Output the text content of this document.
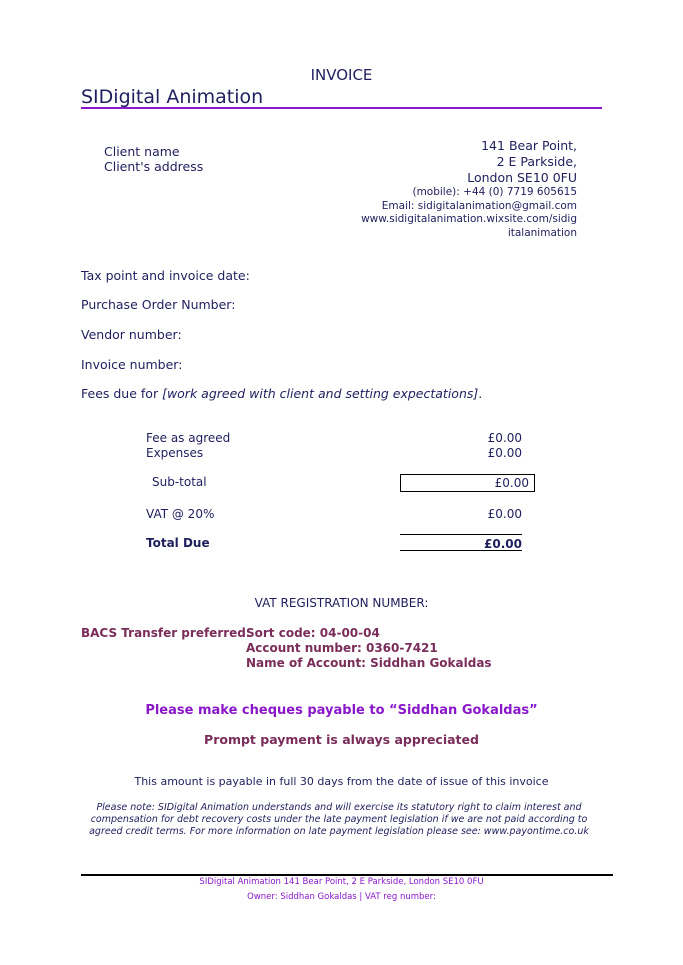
INVOICE
SIDigital Animation
Client name
Client's address
141 Bear Point,
2 E Parkside,
London SE10 0FU
(mobile): +44 (0) 7719 605615
Email: sidigitalanimation@gmail.com
www.sidigitalanimation.wixsite.com/sidig
italanimation
Tax point and invoice date:
Purchase Order Number:
Vendor number:
Invoice number:
Fees due for [work agreed with client and setting expectations].
Fee as agreed	£0.00
Expenses	£0.00
Sub-total	£0.00
VAT @ 20%	£0.00
Total Due	£0.00
VAT REGISTRATION NUMBER:
BACS Transfer preferred:
Sort code: 04-00-04
Account number: 0360-7421
Name of Account: Siddhan Gokaldas
Please make cheques payable to “Siddhan Gokaldas”
Prompt payment is always appreciated
This amount is payable in full 30 days from the date of issue of this invoice
Please note: SIDigital Animation understands and will exercise its statutory right to claim interest and compensation for debt recovery costs under the late payment legislation if we are not paid according to agreed credit terms. For more information on late payment legislation please see: www.payontime.co.uk
SIDigital Animation 141 Bear Point, 2 E Parkside, London SE10 0FU
Owner: Siddhan Gokaldas | VAT reg number:
